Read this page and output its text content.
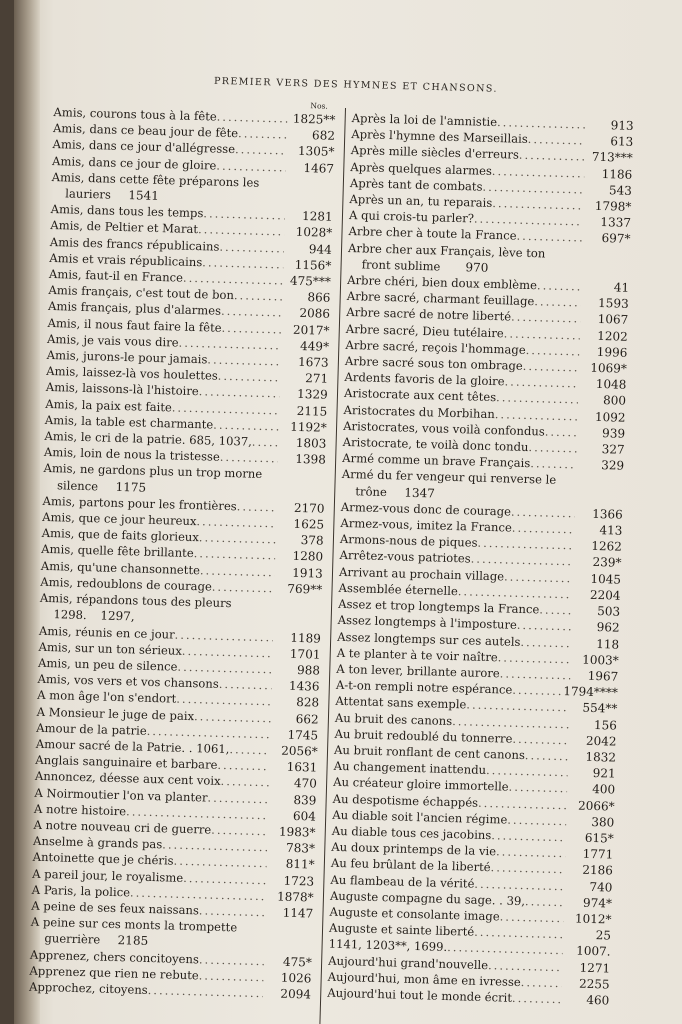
PREMIER VERS DES HYMNES ET CHANSONS.
Nos.
Amis, courons tous à la fête .....	1825**
Amis, dans ce beau jour de fête .....	682
Amis, dans ce jour d'allégresse .....	1305*
Amis, dans ce jour de gloire .....	1467
Amis, dans cette fête préparons les
lauriers	1541
Amis, dans tous les temps .....	1281
Amis, de Peltier et Marat .....	1028*
Amis des francs républicains .....	944
Amis et vrais républicains .....	1156*
Amis, faut-il en France .....	475***
Amis français, c'est tout de bon .....	866
Amis français, plus d'alarmes .....	2086
Amis, il nous faut faire la fête .....	2017*
Amis, je vais vous dire .....	449*
Amis, jurons-le pour jamais .....	1673
Amis, laissez-là vos houlettes .....	271
Amis, laissons-là l'histoire .....	1329
Amis, la paix est faite .....	2115
Amis, la table est charmante .....	1192*
Amis, le cri de la patrie. 685, 1037, .....	1803
Amis, loin de nous la tristesse .....	1398
Amis, ne gardons plus un trop morne
silence	1175
Amis, partons pour les frontières .....	2170
Amis, que ce jour heureux .....	1625
Amis, que de faits glorieux .....	378
Amis, quelle fête brillante .....	1280
Amis, qu'une chansonnette .....	1913
Amis, redoublons de courage .....	769**
Amis, répandons tous des pleurs
1298.	1297,
Amis, réunis en ce jour .....	1189
Amis, sur un ton sérieux .....	1701
Amis, un peu de silence .....	988
Amis, vos vers et vos chansons .....	1436
A mon âge l'on s'endort .....	828
A Monsieur le juge de paix .....	662
Amour de la patrie .....	1745
Amour sacré de la Patrie. . 1061, .....	2056*
Anglais sanguinaire et barbare .....	1631
Annoncez, déesse aux cent voix .....	470
A Noirmoutier l'on va planter .....	839
A notre histoire .....	604
A notre nouveau cri de guerre .....	1983*
Anselme à grands pas .....	783*
Antoinette que je chéris .....	811*
A pareil jour, le royalisme .....	1723
A Paris, la police .....	1878*
A peine de ses feux naissans .....	1147
A peine sur ces monts la trompette
guerrière	2185
Apprenez, chers concitoyens .....	475*
Apprenez que rien ne rebute .....	1026
Approchez, citoyens .....	2094
Après la loi de l'amnistie .....	913
Après l'hymne des Marseillais .....	613
Après mille siècles d'erreurs .....	713***
Après quelques alarmes .....	1186
Après tant de combats .....	543
Après un an, tu reparais .....	1798*
A qui crois-tu parler? .....	1337
Arbre cher à toute la France .....	697*
Arbre cher aux Français, lève ton
front sublime	970
Arbre chéri, bien doux emblème .....	41
Arbre sacré, charmant feuillage .....	1593
Arbre sacré de notre liberté .....	1067
Arbre sacré, Dieu tutélaire .....	1202
Arbre sacré, reçois l'hommage .....	1996
Arbre sacré sous ton ombrage .....	1069*
Ardents favoris de la gloire .....	1048
Aristocrate aux cent têtes .....	800
Aristocrates du Morbihan .....	1092
Aristocrates, vous voilà confondus .....	939
Aristocrate, te voilà donc tondu .....	327
Armé comme un brave Français .....	329
Armé du fer vengeur qui renverse le
trône	1347
Armez-vous donc de courage .....	1366
Armez-vous, imitez la France .....	413
Armons-nous de piques .....	1262
Arrêtez-vous patriotes .....	239*
Arrivant au prochain village .....	1045
Assemblée éternelle .....	2204
Assez et trop longtemps la France .....	503
Assez longtemps à l'imposture .....	962
Assez longtemps sur ces autels .....	118
A te planter à te voir naître .....	1003*
A ton lever, brillante aurore .....	1967
A-t-on rempli notre espérance .....	1794****
Attentat sans exemple .....	554**
Au bruit des canons .....	156
Au bruit redoublé du tonnerre .....	2042
Au bruit ronflant de cent canons .....	1832
Au changement inattendu .....	921
Au créateur gloire immortelle .....	400
Au despotisme échappés .....	2066*
Au diable soit l'ancien régime .....	380
Au diable tous ces jacobins .....	615*
Au doux printemps de la vie .....	1771
Au feu brûlant de la liberté .....	2186
Au flambeau de la vérité .....	740
Auguste compagne du sage. . 39, .....	974*
Auguste et consolante image .....	1012*
Auguste et sainte liberté .....	25
1141, 1203**, 1699. .....	1007.
Aujourd'hui grand'nouvelle .....	1271
Aujourd'hui, mon âme en ivresse .....	2255
Aujourd'hui tout le monde écrit .....	460
